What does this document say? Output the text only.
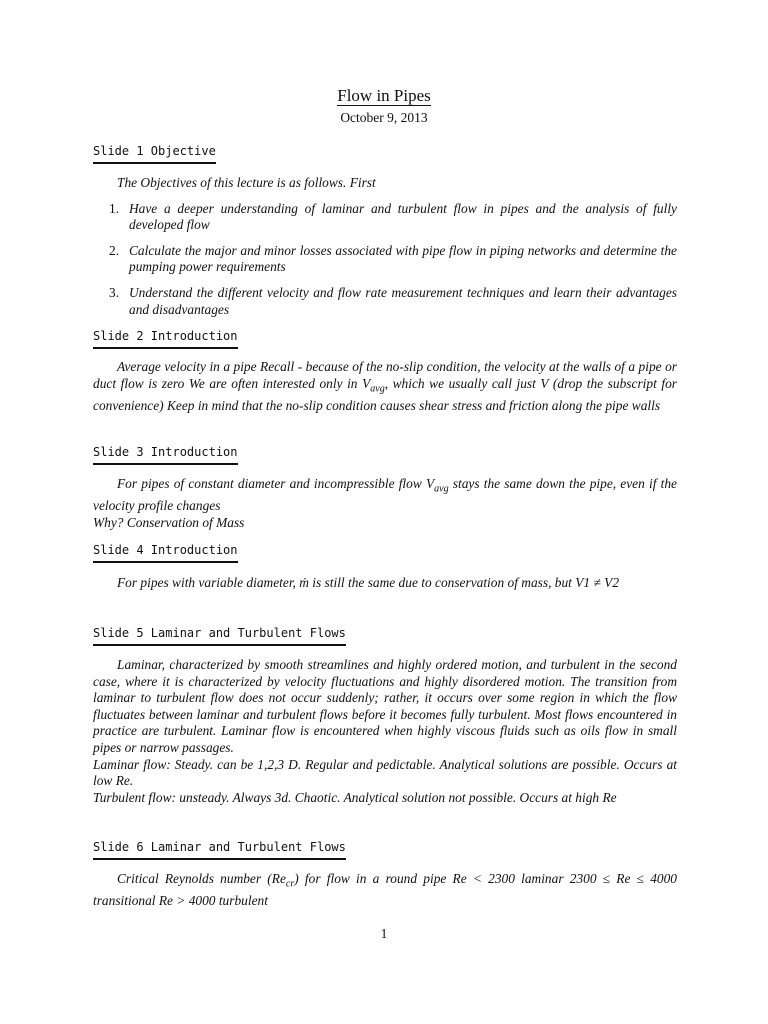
Flow in Pipes
October 9, 2013
Slide 1 Objective
The Objectives of this lecture is as follows. First
1. Have a deeper understanding of laminar and turbulent flow in pipes and the analysis of fully developed flow
2. Calculate the major and minor losses associated with pipe flow in piping networks and determine the pumping power requirements
3. Understand the different velocity and flow rate measurement techniques and learn their advantages and disadvantages
Slide 2 Introduction
Average velocity in a pipe Recall - because of the no-slip condition, the velocity at the walls of a pipe or duct flow is zero We are often interested only in $V_{avg}$, which we usually call just V (drop the subscript for convenience) Keep in mind that the no-slip condition causes shear stress and friction along the pipe walls
Slide 3 Introduction
For pipes of constant diameter and incompressible flow $V_{avg}$ stays the same down the pipe, even if the velocity profile changes
Why? Conservation of Mass
Slide 4 Introduction
For pipes with variable diameter, ṁ is still the same due to conservation of mass, but V1 ≠ V2
Slide 5 Laminar and Turbulent Flows
Laminar, characterized by smooth streamlines and highly ordered motion, and turbulent in the second case, where it is characterized by velocity fluctuations and highly disordered motion. The transition from laminar to turbulent flow does not occur suddenly; rather, it occurs over some region in which the flow fluctuates between laminar and turbulent flows before it becomes fully turbulent. Most flows encountered in practice are turbulent. Laminar flow is encountered when highly viscous fluids such as oils flow in small pipes or narrow passages.
Laminar flow: Steady. can be 1,2,3 D. Regular and pedictable. Analytical solutions are possible. Occurs at low Re.
Turbulent flow: unsteady. Always 3d. Chaotic. Analytical solution not possible. Occurs at high Re
Slide 6 Laminar and Turbulent Flows
Critical Reynolds number $(Re_{cr})$ for flow in a round pipe Re < 2300 laminar 2300 ≤ Re ≤ 4000 transitional Re > 4000 turbulent
1
